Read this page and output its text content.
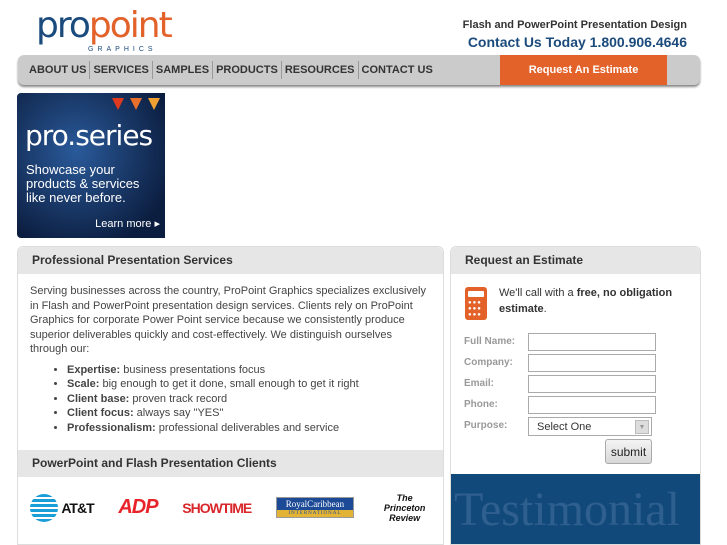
propoint
GRAPHICS
Flash and PowerPoint Presentation Design
Contact Us Today 1.800.906.4646
ABOUT US SERVICES SAMPLES PRODUCTS RESOURCES CONTACT US	Request An Estimate
pro.series
Showcase your products & services like never before.
Learn more ▸
Professional Presentation Services

Serving businesses across the country, ProPoint Graphics specializes exclusively in Flash and PowerPoint presentation design services. Clients rely on ProPoint Graphics for corporate Power Point service because we consistently produce superior deliverables quickly and cost-effectively. We distinguish ourselves through our:

• Expertise: business presentations focus
• Scale: big enough to get it done, small enough to get it right
• Client base: proven track record
• Client focus: always say "YES"
• Professionalism: professional deliverables and service
PowerPoint and Flash Presentation Clients
AT&T ADP SHOWTIME	RoyalCaribbean
INTERNATIONAL
The Princeton Review
Request an Estimate
●●●
●●●
●●●
We'll call with a free, no obligation
estimate.
Full Name:
Company:
Email:
Phone:
Purpose:	Select One	▼
submit
Testimonial
